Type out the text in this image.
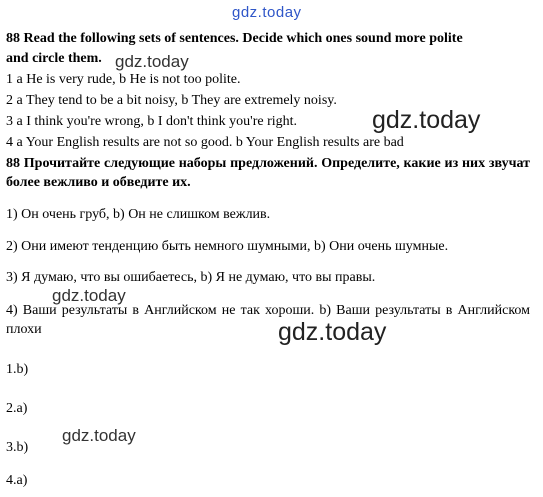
gdz.today
gdz.today
gdz.today
gdz.today
gdz.today
gdz.today
88 Read the following sets of sentences. Decide which ones sound more polite
and circle them.
1 a He is very rude, b He is not too polite.
2 a They tend to be a bit noisy, b They are extremely noisy.
3 a I think you're wrong, b I don't think you're right.
4 a Your English results are not so good. b Your English results are bad
88 Прочитайте следующие наборы предложений. Определите, какие из них звучат более вежливо и обведите их.
1) Он очень груб, b) Он не слишком вежлив.
2) Они имеют тенденцию быть немного шумными, b) Они очень шумные.
3) Я думаю, что вы ошибаетесь, b) Я не думаю, что вы правы.
4) Ваши результаты в Английском не так хороши. b) Ваши результаты в Английском плохи
1.b)
2.a)
3.b)
4.a)
